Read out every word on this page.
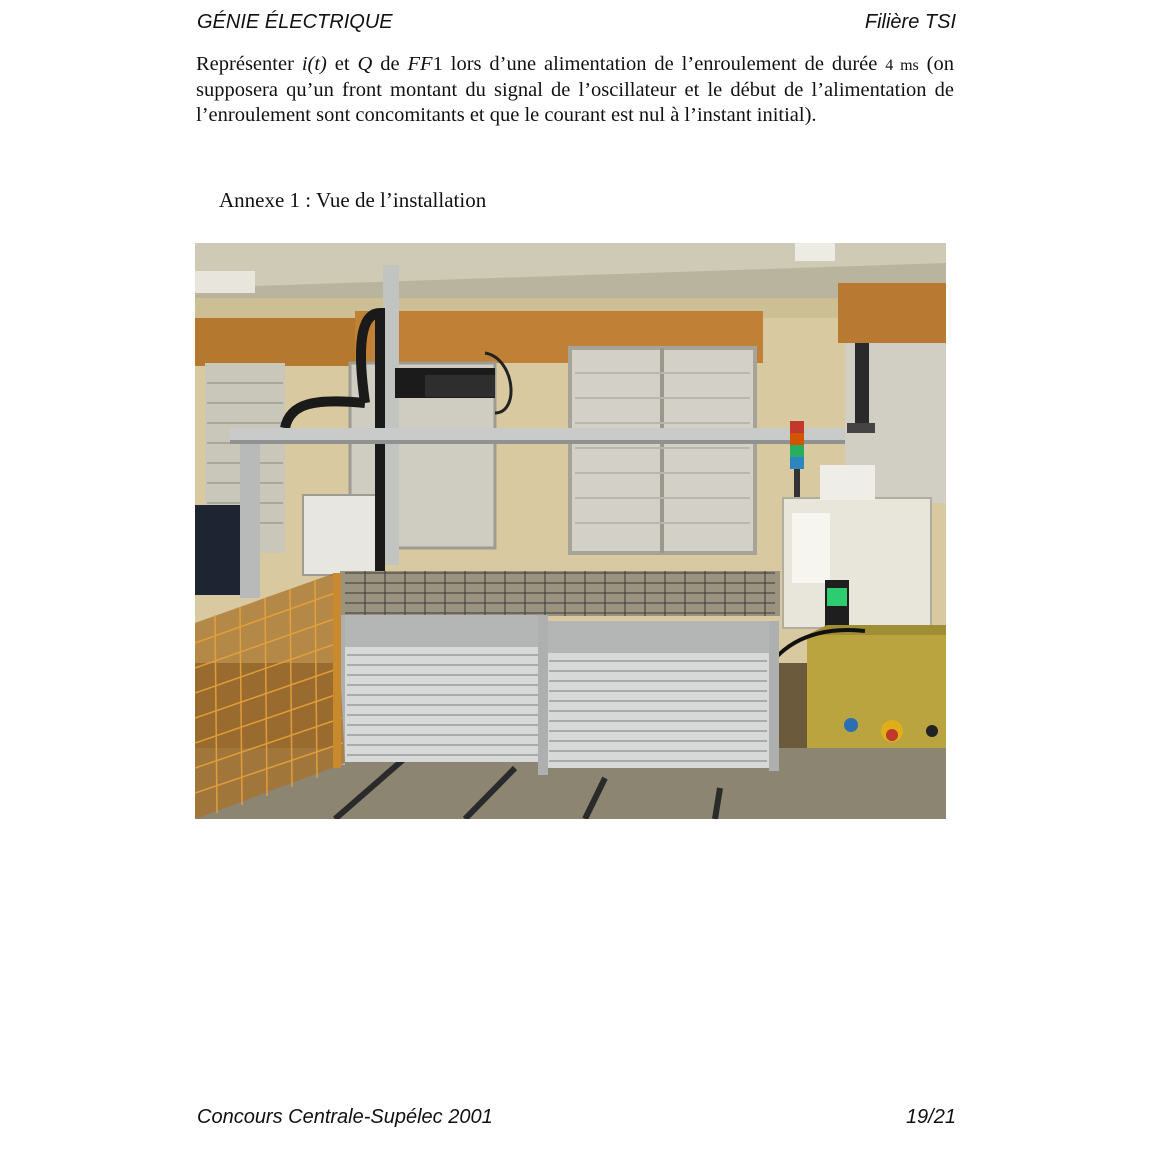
GÉNIE ÉLECTRIQUE	Filière TSI
Représenter i(t) et Q de FF1 lors d’une alimentation de l’enroulement de durée 4 ms (on supposera qu’un front montant du signal de l’oscillateur et le début de l’alimentation de l’enroulement sont concomitants et que le courant est nul à l’instant initial).
Annexe 1 : Vue de l’installation
Concours Centrale-Supélec 2001	19/21
